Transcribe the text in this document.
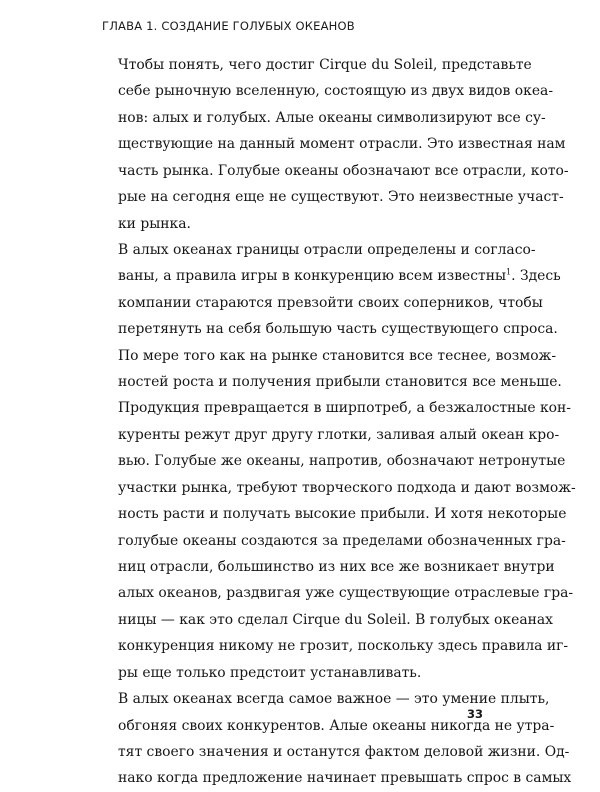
ГЛАВА 1. СОЗДАНИЕ ГОЛУБЫХ ОКЕАНОВ
Чтобы понять, чего достиг Cirque du Soleil, представьте
себе рыночную вселенную, состоящую из двух видов океа-
нов: алых и голубых. Алые океаны символизируют все су-
ществующие на данный момент отрасли. Это известная нам
часть рынка. Голубые океаны обозначают все отрасли, кото-
рые на сегодня еще не существуют. Это неизвестные участ-
ки рынка.
В алых океанах границы отрасли определены и согласо-
ваны, а правила игры в конкуренцию всем известны$^1$. Здесь
компании стараются превзойти своих соперников, чтобы
перетянуть на себя большую часть существующего спроса.
По мере того как на рынке становится все теснее, возмож-
ностей роста и получения прибыли становится все меньше.
Продукция превращается в ширпотреб, а безжалостные кон-
куренты режут друг другу глотки, заливая алый океан кро-
вью. Голубые же океаны, напротив, обозначают нетронутые
участки рынка, требуют творческого подхода и дают возмож-
ность расти и получать высокие прибыли. И хотя некоторые
голубые океаны создаются за пределами обозначенных гра-
ниц отрасли, большинство из них все же возникает внутри
алых океанов, раздвигая уже существующие отраслевые гра-
ницы — как это сделал Cirque du Soleil. В голубых океанах
конкуренция никому не грозит, поскольку здесь правила иг-
ры еще только предстоит устанавливать.
В алых океанах всегда самое важное — это умение плыть,
обгоняя своих конкурентов. Алые океаны никогда не утра-
тят своего значения и останутся фактом деловой жизни. Од-
нако когда предложение начинает превышать спрос в самых
33
